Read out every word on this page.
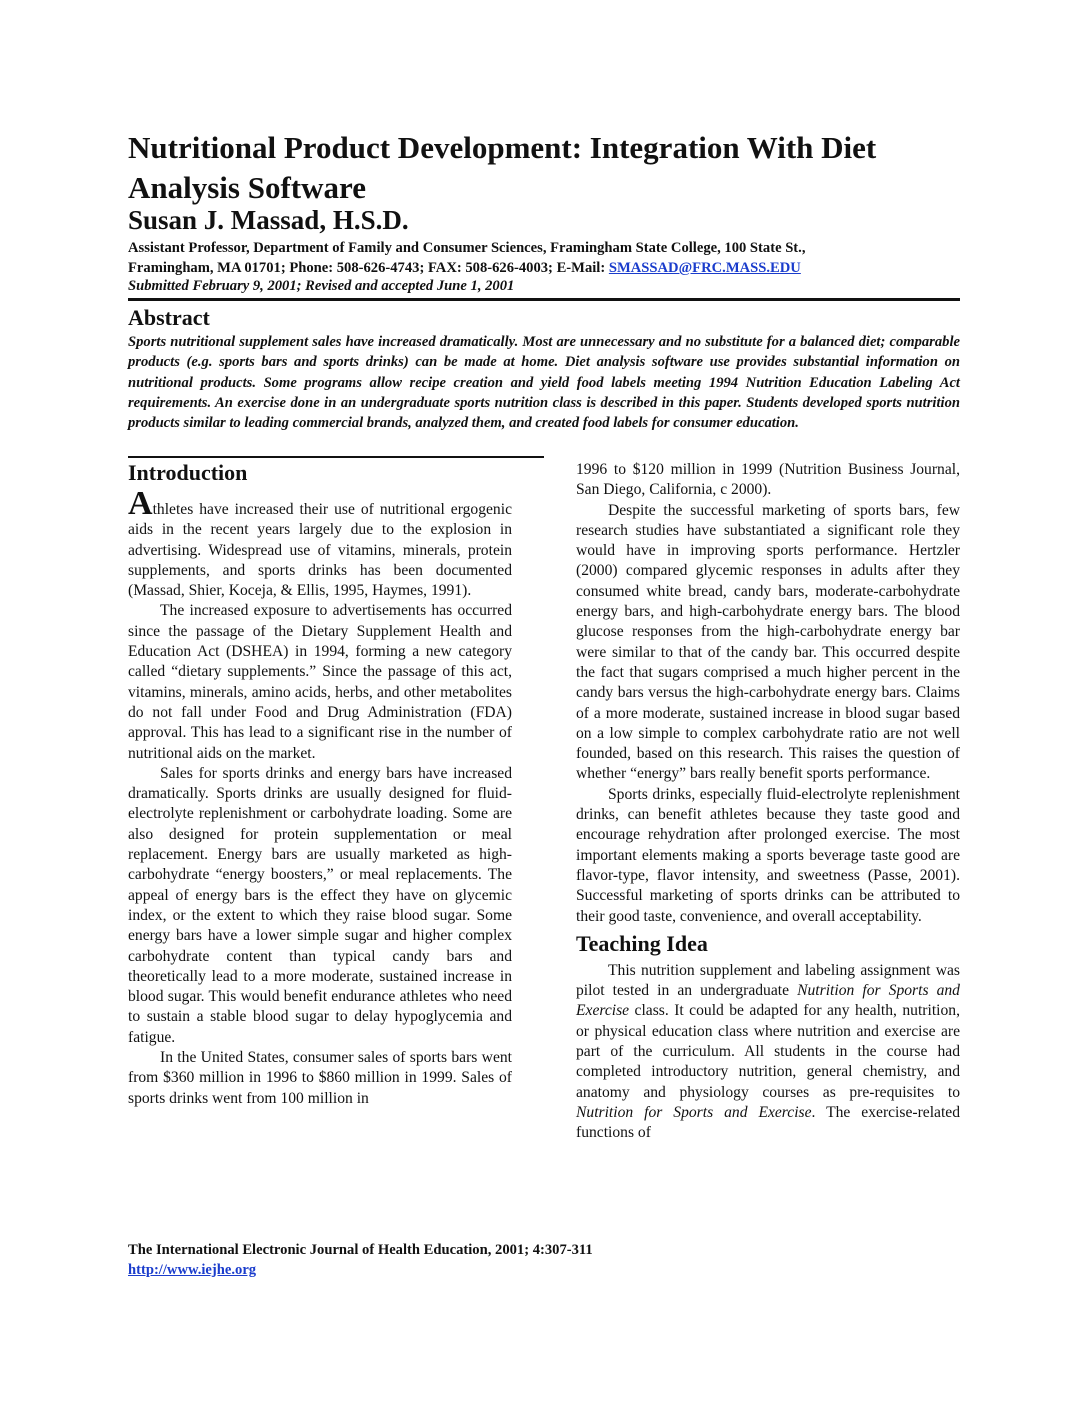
Nutritional Product Development: Integration With Diet Analysis Software
Susan J. Massad, H.S.D.

Assistant Professor, Department of Family and Consumer Sciences, Framingham State College, 100 State St.,
Framingham, MA 01701; Phone: 508-626-4743; FAX: 508-626-4003; E-Mail: SMASSAD@FRC.MASS.EDU

Submitted February 9, 2001; Revised and accepted June 1, 2001

Abstract

Sports nutritional supplement sales have increased dramatically. Most are unnecessary and no substitute for a balanced diet; comparable products (e.g. sports bars and sports drinks) can be made at home. Diet analysis software use provides substantial information on nutritional products. Some programs allow recipe creation and yield food labels meeting 1994 Nutrition Education Labeling Act requirements. An exercise done in an undergraduate sports nutrition class is described in this paper. Students developed sports nutrition products similar to leading commercial brands, analyzed them, and created food labels for consumer education.

Introduction

Athletes have increased their use of nutritional ergogenic aids in the recent years largely due to the explosion in advertising. Widespread use of vitamins, minerals, protein supplements, and sports drinks has been documented (Massad, Shier, Koceja, & Ellis, 1995, Haymes, 1991).

The increased exposure to advertisements has occurred since the passage of the Dietary Supplement Health and Education Act (DSHEA) in 1994, forming a new category called “dietary supplements.” Since the passage of this act, vitamins, minerals, amino acids, herbs, and other metabolites do not fall under Food and Drug Administration (FDA) approval. This has lead to a significant rise in the number of nutritional aids on the market.

Sales for sports drinks and energy bars have increased dramatically. Sports drinks are usually designed for fluid-electrolyte replenishment or carbohydrate loading. Some are also designed for protein supplementation or meal replacement. Energy bars are usually marketed as high-carbohydrate “energy boosters,” or meal replacements. The appeal of energy bars is the effect they have on glycemic index, or the extent to which they raise blood sugar. Some energy bars have a lower simple sugar and higher complex carbohydrate content than typical candy bars and theoretically lead to a more moderate, sustained increase in blood sugar. This would benefit endurance athletes who need to sustain a stable blood sugar to delay hypoglycemia and fatigue.

In the United States, consumer sales of sports bars went from $360 million in 1996 to $860 million in 1999. Sales of sports drinks went from 100 million in

1996 to $120 million in 1999 (Nutrition Business Journal, San Diego, California, c 2000).

Despite the successful marketing of sports bars, few research studies have substantiated a significant role they would have in improving sports performance. Hertzler (2000) compared glycemic responses in adults after they consumed white bread, candy bars, moderate-carbohydrate energy bars, and high-carbohydrate energy bars. The blood glucose responses from the high-carbohydrate energy bar were similar to that of the candy bar. This occurred despite the fact that sugars comprised a much higher percent in the candy bars versus the high-carbohydrate energy bars. Claims of a more moderate, sustained increase in blood sugar based on a low simple to complex carbohydrate ratio are not well founded, based on this research. This raises the question of whether “energy” bars really benefit sports performance.

Sports drinks, especially fluid-electrolyte replenishment drinks, can benefit athletes because they taste good and encourage rehydration after prolonged exercise. The most important elements making a sports beverage taste good are flavor-type, flavor intensity, and sweetness (Passe, 2001). Successful marketing of sports drinks can be attributed to their good taste, convenience, and overall acceptability.

Teaching Idea

This nutrition supplement and labeling assignment was pilot tested in an undergraduate Nutrition for Sports and Exercise class. It could be adapted for any health, nutrition, or physical education class where nutrition and exercise are part of the curriculum. All students in the course had completed introductory nutrition, general chemistry, and anatomy and physiology courses as pre-requisites to Nutrition for Sports and Exercise. The exercise-related functions of

The International Electronic Journal of Health Education, 2001; 4:307-311
http://www.iejhe.org
